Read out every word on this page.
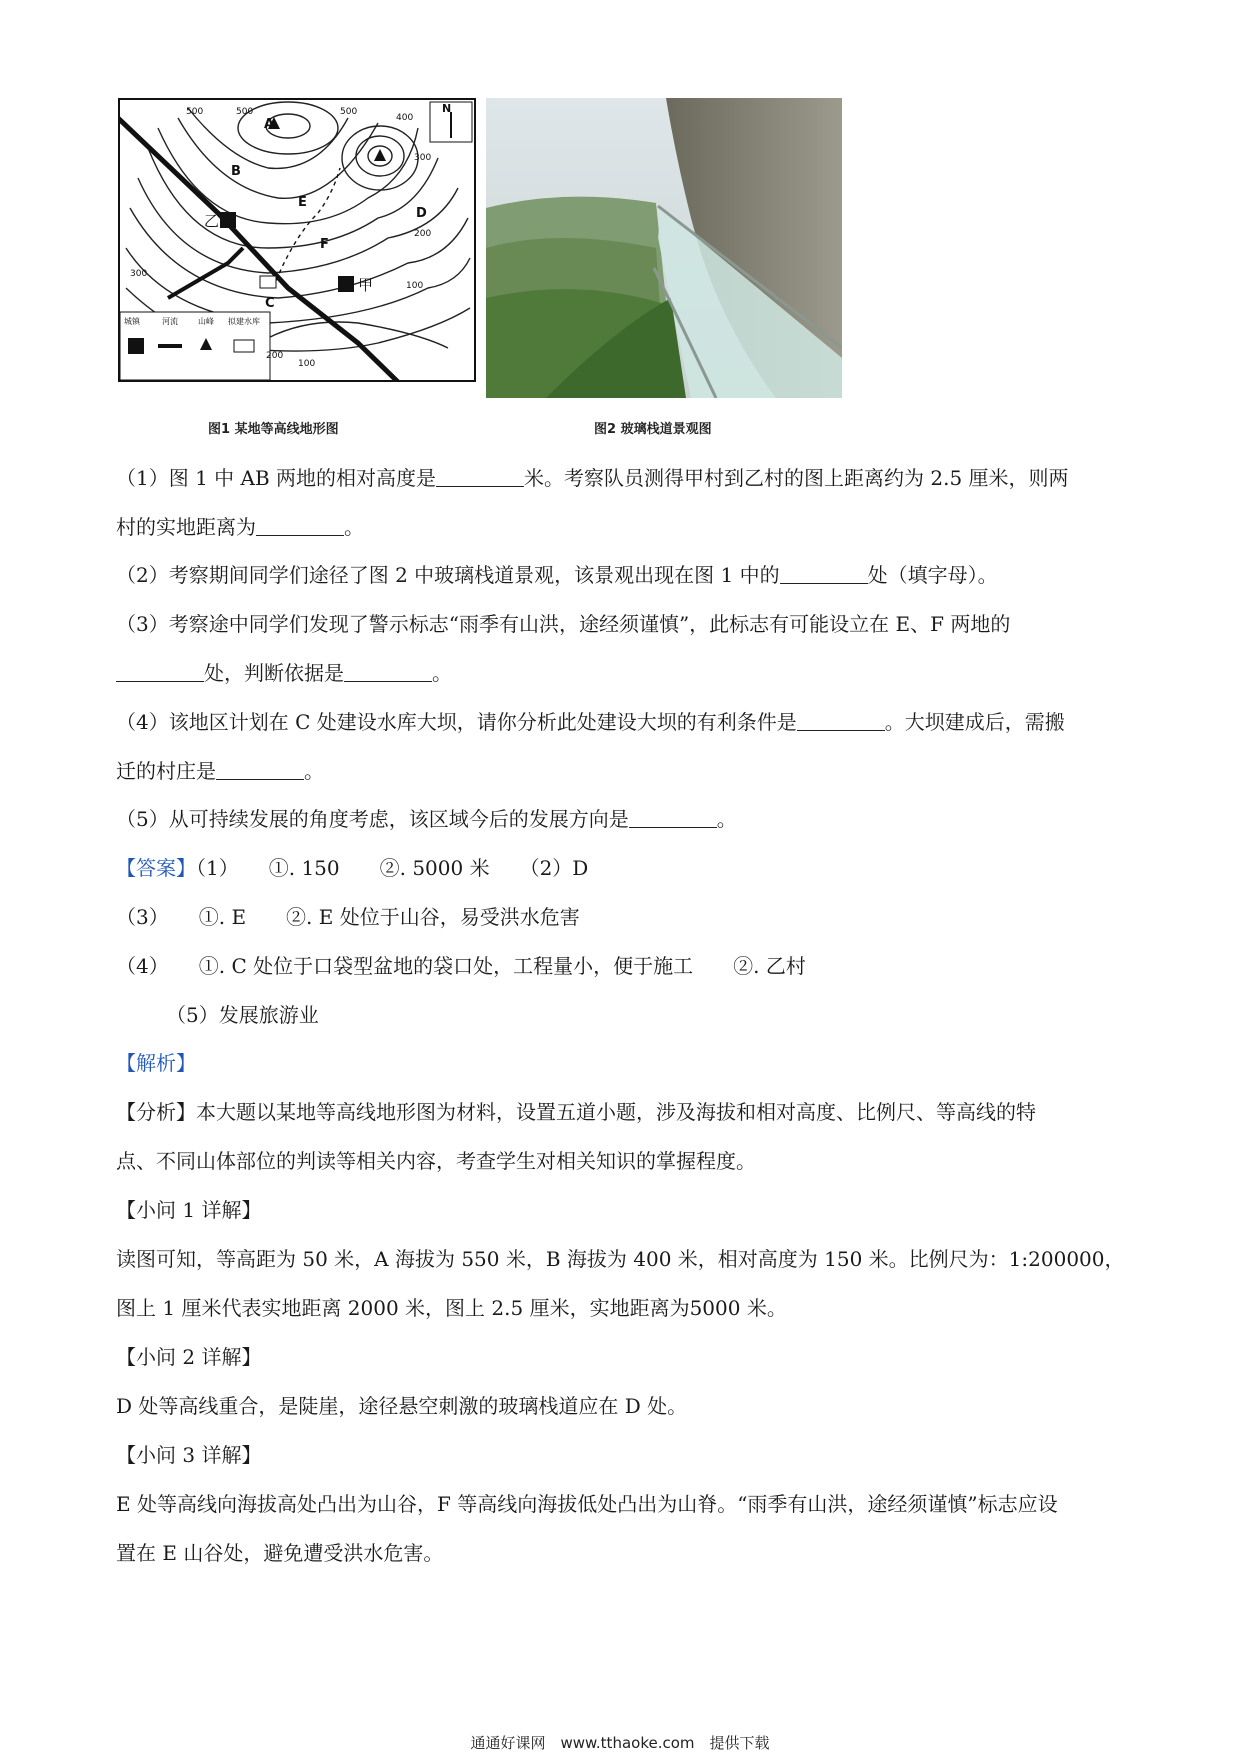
500	500	500
400
300
300
200
100
200
100
A
B
C
D
E
F
乙
甲
N
城镇	河流	山峰 拟建水库
图1 某地等高线地形图	图2 玻璃栈道景观图
（1）图 1 中 AB 两地的相对高度是	米。考察队员测得甲村到乙村的图上距离约为 2.5 厘米，则两
村的实地距离为	。
（2）考察期间同学们途径了图 2 中玻璃栈道景观，该景观出现在图 1 中的	处（填字母）。
（3）考察途中同学们发现了警示标志“雨季有山洪，途经须谨慎”，此标志有可能设立在 E、F 两地的
处，判断依据是	。
（4）该地区计划在 C 处建设水库大坝，请你分析此处建设大坝的有利条件是	。大坝建成后，需搬
迁的村庄是	。
（5）从可持续发展的角度考虑，该区域今后的发展方向是	。
【答案】（1）　　①. 150　　②. 5000 米　　（2）D
（3）　　①. E　　②. E 处位于山谷，易受洪水危害
（4）　　①. C 处位于口袋型盆地的袋口处，工程量小，便于施工　　②. 乙村
（5）发展旅游业
【解析】
【分析】本大题以某地等高线地形图为材料，设置五道小题，涉及海拔和相对高度、比例尺、等高线的特
点、不同山体部位的判读等相关内容，考查学生对相关知识的掌握程度。
【小问 1 详解】
读图可知，等高距为 50 米，A 海拔为 550 米，B 海拔为 400 米，相对高度为 150 米。比例尺为：1:200000，
图上 1 厘米代表实地距离 2000 米，图上 2.5 厘米，实地距离为5000 米。
【小问 2 详解】
D 处等高线重合，是陡崖，途径悬空刺激的玻璃栈道应在 D 处。
【小问 3 详解】
E 处等高线向海拔高处凸出为山谷，F 等高线向海拔低处凸出为山脊。“雨季有山洪，途经须谨慎”标志应设
置在 E 山谷处，避免遭受洪水危害。
通通好课网　www.tthaoke.com　提供下载
